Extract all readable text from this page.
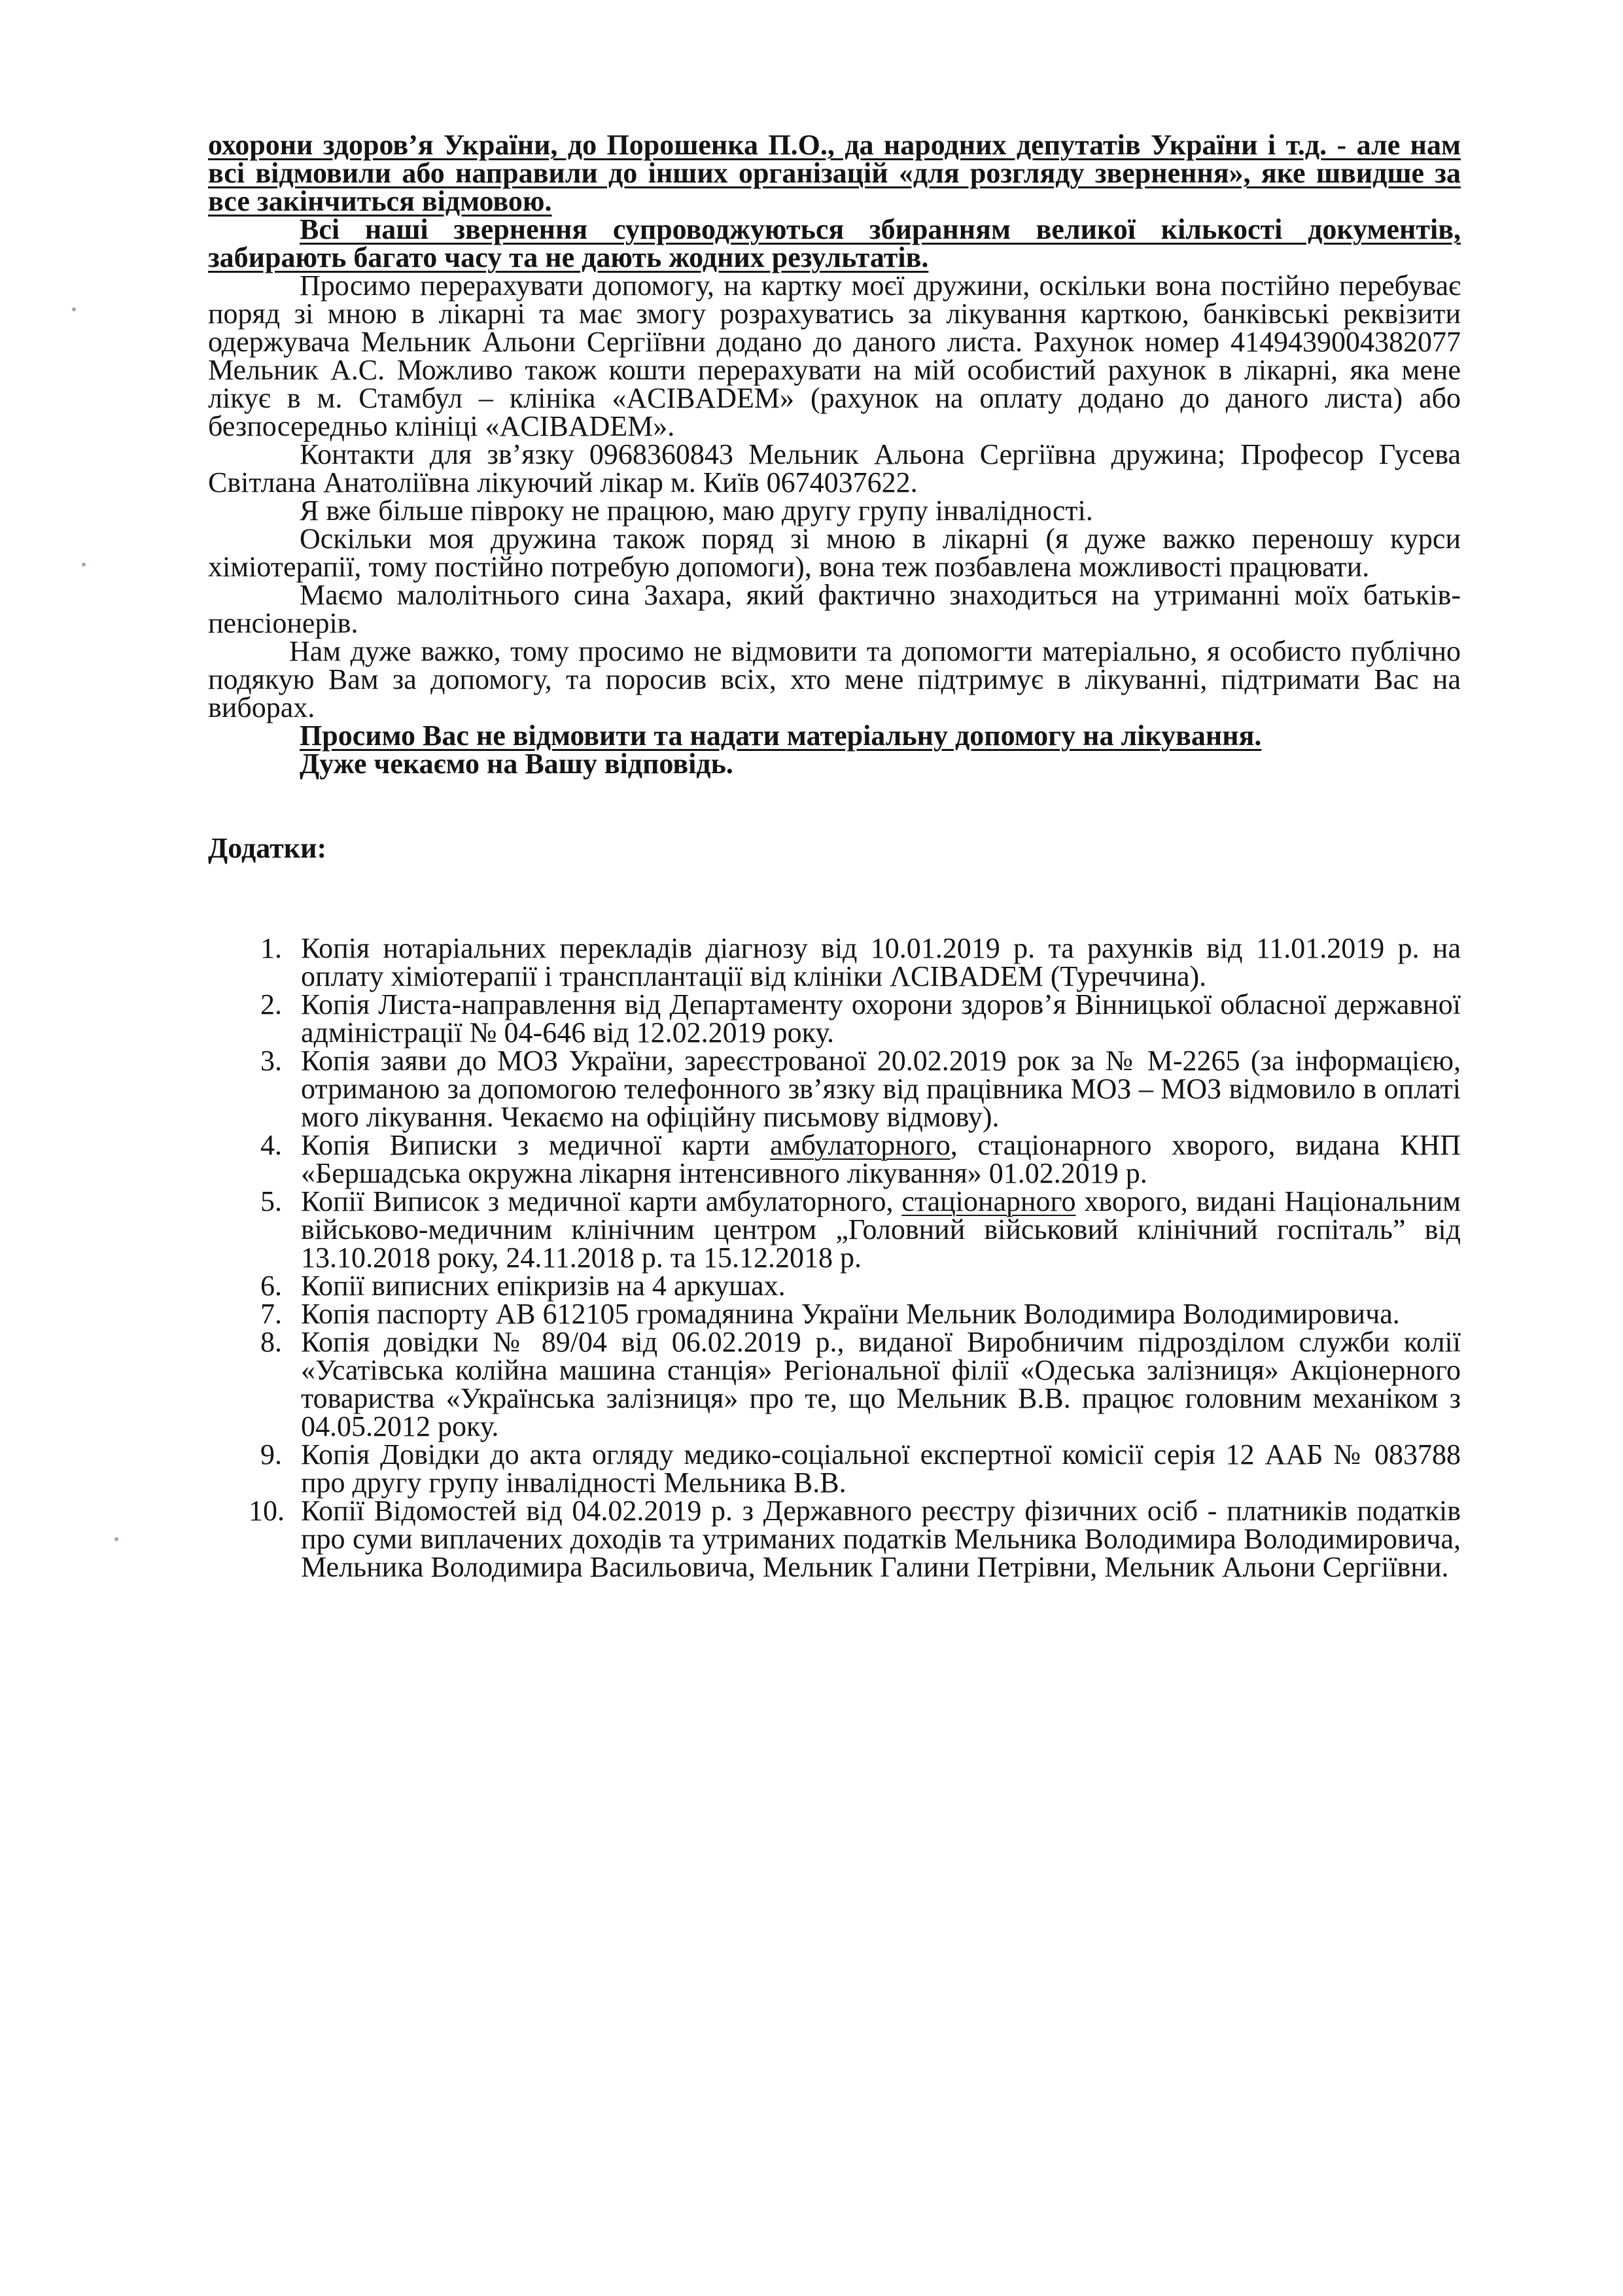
охорони здоров’я України, до Порошенка П.О., да народних депутатів України і т.д. - але нам всі відмовили або направили до інших організацій «для розгляду звернення», яке швидше за все закінчиться відмовою.

Всі наші звернення супроводжуються збиранням великої кількості документів, забирають багато часу та не дають жодних результатів.

Просимо перерахувати допомогу, на картку моєї дружини, оскільки вона постійно перебуває поряд зі мною в лікарні та має змогу розрахуватись за лікування карткою, банківські реквізити одержувача Мельник Альони Сергіївни додано до даного листа. Рахунок номер 4149439004382077 Мельник А.С. Можливо також кошти перерахувати на мій особистий рахунок в лікарні, яка мене лікує в м. Стамбул – клініка «ACIBADEM» (рахунок на оплату додано до даного листа) або безпосередньо клініці «ACIBADEM».

Контакти для зв’язку 0968360843 Мельник Альона Сергіївна дружина; Професор Гусева Світлана Анатоліївна лікуючий лікар м. Київ 0674037622.

Я вже більше півроку не працюю, маю другу групу інвалідності.

Оскільки моя дружина також поряд зі мною в лікарні (я дуже важко переношу курси хіміотерапії, тому постійно потребую допомоги), вона теж позбавлена можливості працювати.

Маємо малолітнього сина Захара, який фактично знаходиться на утриманні моїх батьків-пенсіонерів.

Нам дуже важко, тому просимо не відмовити та допомогти матеріально, я особисто публічно подякую Вам за допомогу, та поросив всіх, хто мене підтримує в лікуванні, підтримати Вас на виборах.

Просимо Вас не відмовити та надати матеріальну допомогу на лікування.

Дуже чекаємо на Вашу відповідь.

Додатки:

1. Копія нотаріальних перекладів діагнозу від 10.01.2019 р. та рахунків від 11.01.2019 р. на оплату хіміотерапії і трансплантації від клініки ΛCIBADEM (Туреччина).
2. Копія Листа-направлення від Департаменту охорони здоров’я Вінницької обласної державної адміністрації № 04-646 від 12.02.2019 року.
3. Копія заяви до МОЗ України, зареєстрованої 20.02.2019 рок за № М-2265 (за інформацією, отриманою за допомогою телефонного зв’язку від працівника МОЗ – МОЗ відмовило в оплаті мого лікування. Чекаємо на офіційну письмову відмову).
4. Копія Виписки з медичної карти амбулаторного, стаціонарного хворого, видана КНП «Бершадська окружна лікарня інтенсивного лікування» 01.02.2019 р.
5. Копії Виписок з медичної карти амбулаторного, стаціонарного хворого, видані Національним військово-медичним клінічним центром „Головний військовий клінічний госпіталь” від 13.10.2018 року, 24.11.2018 р. та 15.12.2018 р.
6. Копії виписних епікризів на 4 аркушах.
7. Копія паспорту АВ 612105 громадянина України Мельник Володимира Володимировича.
8. Копія довідки № 89/04 від 06.02.2019 р., виданої Виробничим підрозділом служби колії «Усатівська колійна машина станція» Регіональної філії «Одеська залізниця» Акціонерного товариства «Українська залізниця» про те, що Мельник В.В. працює головним механіком з 04.05.2012 року.
9. Копія Довідки до акта огляду медико-соціальної експертної комісії серія 12 ААБ № 083788 про другу групу інвалідності Мельника В.В.
10. Копії Відомостей від 04.02.2019 р. з Державного реєстру фізичних осіб - платників податків про суми виплачених доходів та утриманих податків Мельника Володимира Володимировича, Мельника Володимира Васильовича, Мельник Галини Петрівни, Мельник Альони Сергіївни.
